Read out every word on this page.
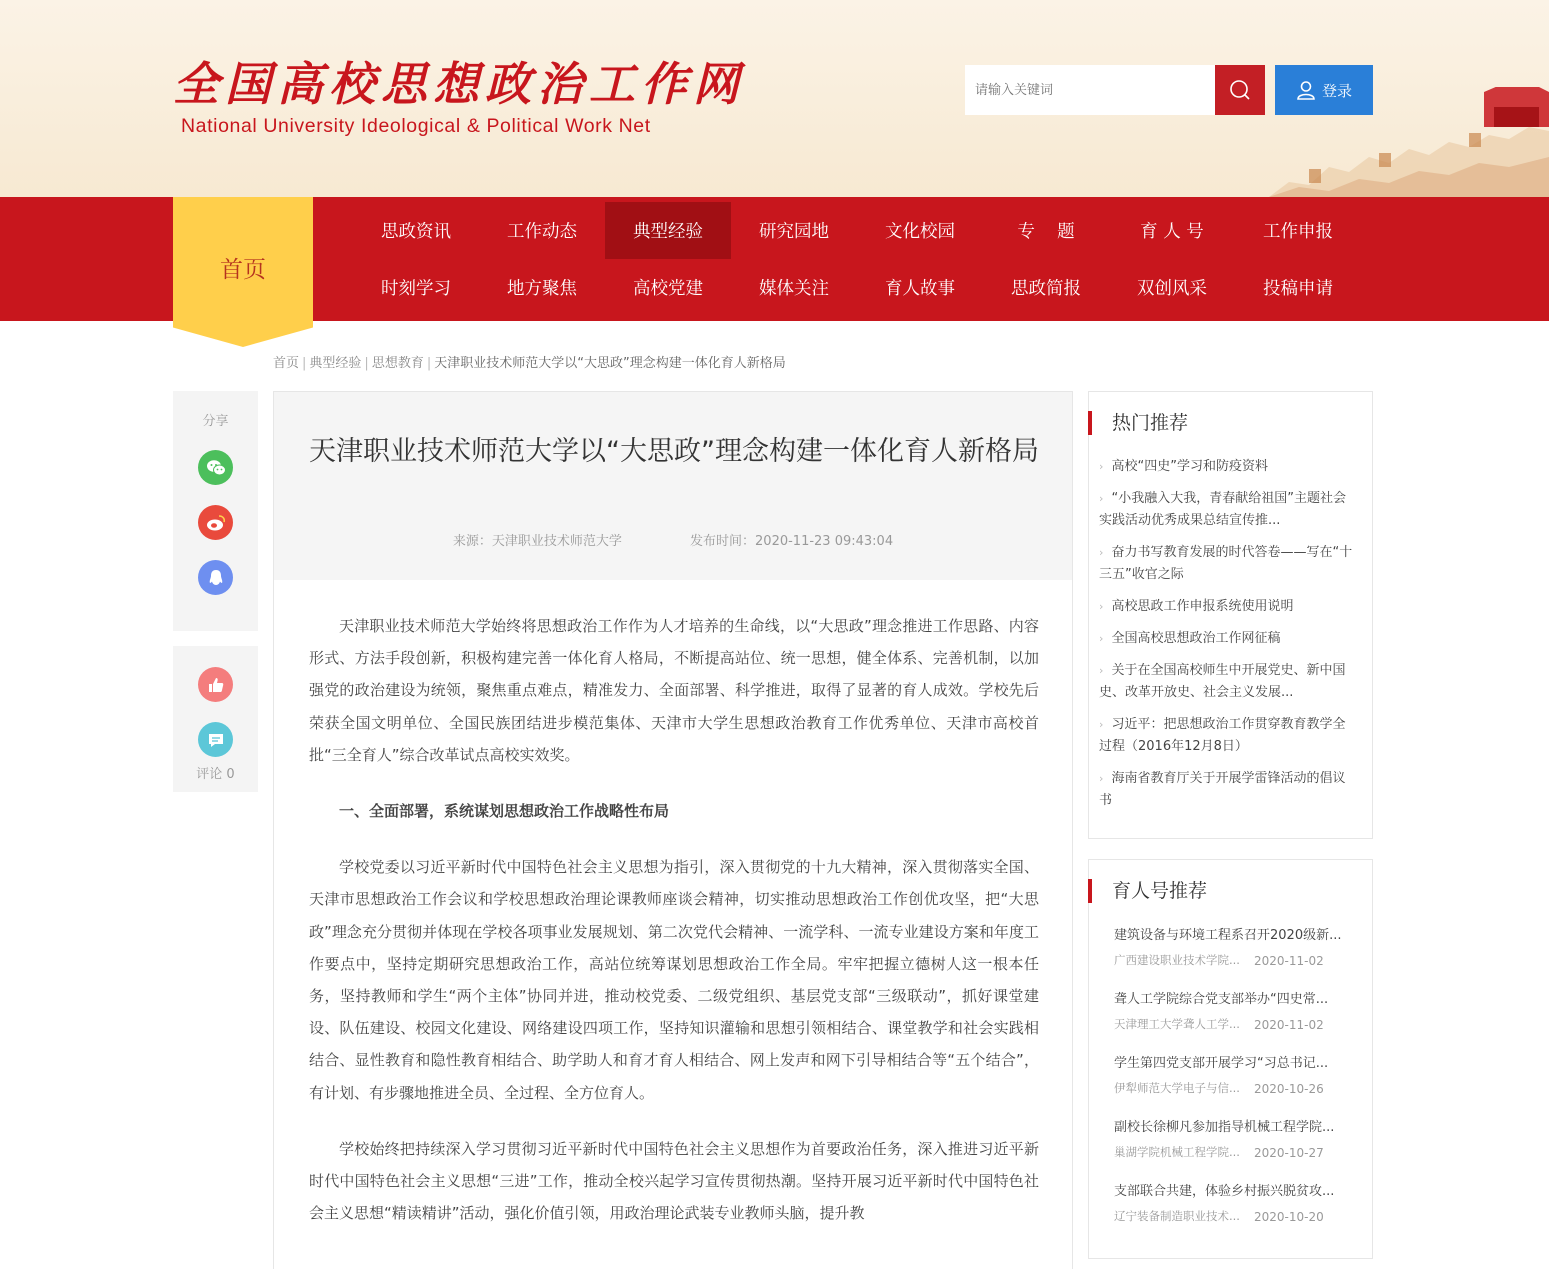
全国高校思想政治工作网
National University Ideological & Political Work Net
请输入关键词
登录
首页
思政资讯	工作动态	典型经验	研究园地	文化校园	专    题	育 人 号	工作申报
时刻学习	地方聚焦	高校党建	媒体关注	育人故事	思政简报	双创风采	投稿申请
首页 | 典型经验 | 思想教育 | 天津职业技术师范大学以“大思政”理念构建一体化育人新格局
分享
评论 0
天津职业技术师范大学以“大思政”理念构建一体化育人新格局
来源：天津职业技术师范大学	发布时间：2020-11-23 09:43:04

天津职业技术师范大学始终将思想政治工作作为人才培养的生命线，以“大思政”理念推进工作思路、内容形式、方法手段创新，积极构建完善一体化育人格局，不断提高站位、统一思想，健全体系、完善机制，以加强党的政治建设为统领，聚焦重点难点，精准发力、全面部署、科学推进，取得了显著的育人成效。学校先后荣获全国文明单位、全国民族团结进步模范集体、天津市大学生思想政治教育工作优秀单位、天津市高校首批“三全育人”综合改革试点高校实效奖。

一、全面部署，系统谋划思想政治工作战略性布局

学校党委以习近平新时代中国特色社会主义思想为指引，深入贯彻党的十九大精神，深入贯彻落实全国、天津市思想政治工作会议和学校思想政治理论课教师座谈会精神，切实推动思想政治工作创优攻坚，把“大思政”理念充分贯彻并体现在学校各项事业发展规划、第二次党代会精神、一流学科、一流专业建设方案和年度工作要点中，坚持定期研究思想政治工作，高站位统筹谋划思想政治工作全局。牢牢把握立德树人这一根本任务，坚持教师和学生“两个主体”协同并进，推动校党委、二级党组织、基层党支部“三级联动”，抓好课堂建设、队伍建设、校园文化建设、网络建设四项工作，坚持知识灌输和思想引领相结合、课堂教学和社会实践相结合、显性教育和隐性教育相结合、助学助人和育才育人相结合、网上发声和网下引导相结合等“五个结合”，有计划、有步骤地推进全员、全过程、全方位育人。

学校始终把持续深入学习贯彻习近平新时代中国特色社会主义思想作为首要政治任务，深入推进习近平新时代中国特色社会主义思想“三进”工作，推动全校兴起学习宣传贯彻热潮。坚持开展习近平新时代中国特色社会主义思想“精读精讲”活动，强化价值引领，用政治理论武装专业教师头脑，提升教

热门推荐
› 高校“四史”学习和防疫资料
› “小我融入大我，青春献给祖国”主题社会实践活动优秀成果总结宣传推...
› 奋力书写教育发展的时代答卷——写在“十三五”收官之际
› 高校思政工作申报系统使用说明
› 全国高校思想政治工作网征稿
› 关于在全国高校师生中开展党史、新中国史、改革开放史、社会主义发展...
› 习近平：把思想政治工作贯穿教育教学全过程（2016年12月8日）
› 海南省教育厅关于开展学雷锋活动的倡议书
育人号推荐
› 建筑设备与环境工程系召开2020级新...
广西建设职业技术学院... 2020-11-02
› 聋人工学院综合党支部举办“四史常...
天津理工大学聋人工学... 2020-11-02
› 学生第四党支部开展学习“习总书记...
伊犁师范大学电子与信... 2020-10-26
› 副校长徐柳凡参加指导机械工程学院...
巢湖学院机械工程学院... 2020-10-27
› 支部联合共建，体验乡村振兴脱贫攻...
辽宁装备制造职业技术... 2020-10-20
